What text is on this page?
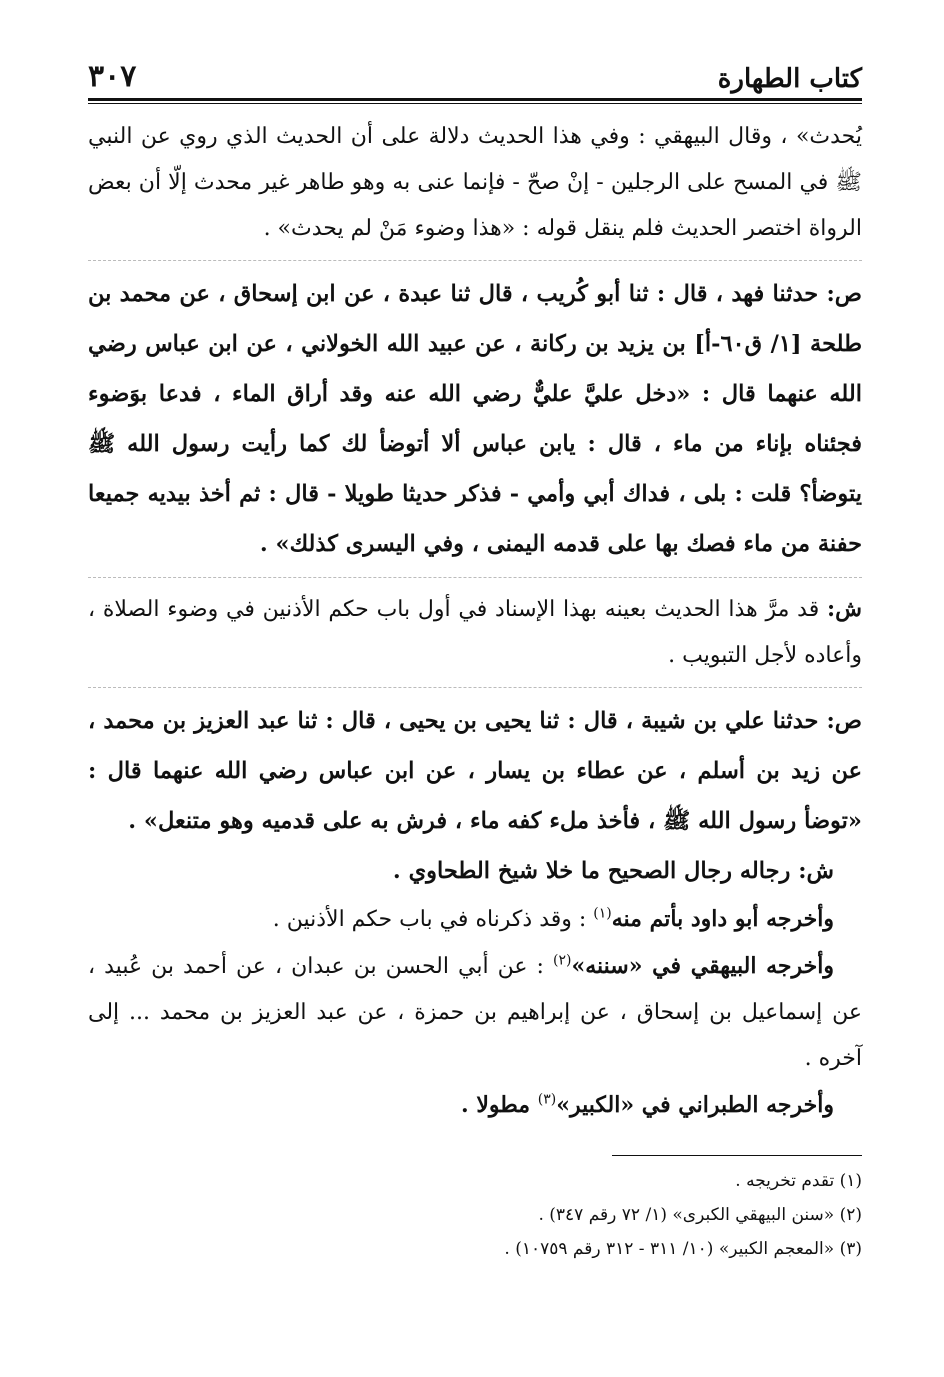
كتاب الطهارة
٣٠٧

يُحدث» ، وقال البيهقي : وفي هذا الحديث دلالة على أن الحديث الذي روي عن النبي ﷺ في المسح على الرجلين - إنْ صحّ - فإنما عنى به وهو طاهر غير محدث إلّا أن بعض الرواة اختصر الحديث فلم ينقل قوله : «هذا وضوء مَنْ لم يحدث» .

ص: حدثنا فهد ، قال : ثنا أبو كُريب ، قال ثنا عبدة ، عن ابن إسحاق ، عن محمد بن طلحة [١/ ق٦٠-أ] بن يزيد بن ركانة ، عن عبيد الله الخولاني ، عن ابن عباس رضي الله عنهما قال : «دخل عليَّ عليٌّ رضي الله عنه وقد أراق الماء ، فدعا بوَضوء فجئناه بإناء من ماء ، قال : يابن عباس ألا أتوضأ لك كما رأيت رسول الله ﷺ يتوضأ؟ قلت : بلى ، فداك أبي وأمي - فذكر حديثا طويلا - قال : ثم أخذ بيديه جميعا حفنة من ماء فصك بها على قدمه اليمنى ، وفي اليسرى كذلك» .

ش: قد مرَّ هذا الحديث بعينه بهذا الإسناد في أول باب حكم الأذنين في وضوء الصلاة ، وأعاده لأجل التبويب .

ص: حدثنا علي بن شيبة ، قال : ثنا يحيى بن يحيى ، قال : ثنا عبد العزيز بن محمد ، عن زيد بن أسلم ، عن عطاء بن يسار ، عن ابن عباس رضي الله عنهما قال : «توضأ رسول الله ﷺ ، فأخذ ملء كفه ماء ، فرش به على قدميه وهو متنعل» .

ش: رجاله رجال الصحيح ما خلا شيخ الطحاوي .

وأخرجه أبو داود بأتم منه$^{(١)}$ : وقد ذكرناه في باب حكم الأذنين .

وأخرجه البيهقي في «سننه»$^{(٢)}$ : عن أبي الحسن بن عبدان ، عن أحمد بن عُبيد ، عن إسماعيل بن إسحاق ، عن إبراهيم بن حمزة ، عن عبد العزيز بن محمد ... إلى آخره .

وأخرجه الطبراني في «الكبير»$^{(٣)}$ مطولا .

(١) تقدم تخريجه .

(٢) «سنن البيهقي الكبرى» (١/ ٧٢ رقم ٣٤٧) .

(٣) «المعجم الكبير» (١٠/ ٣١١ - ٣١٢ رقم ١٠٧٥٩) .
